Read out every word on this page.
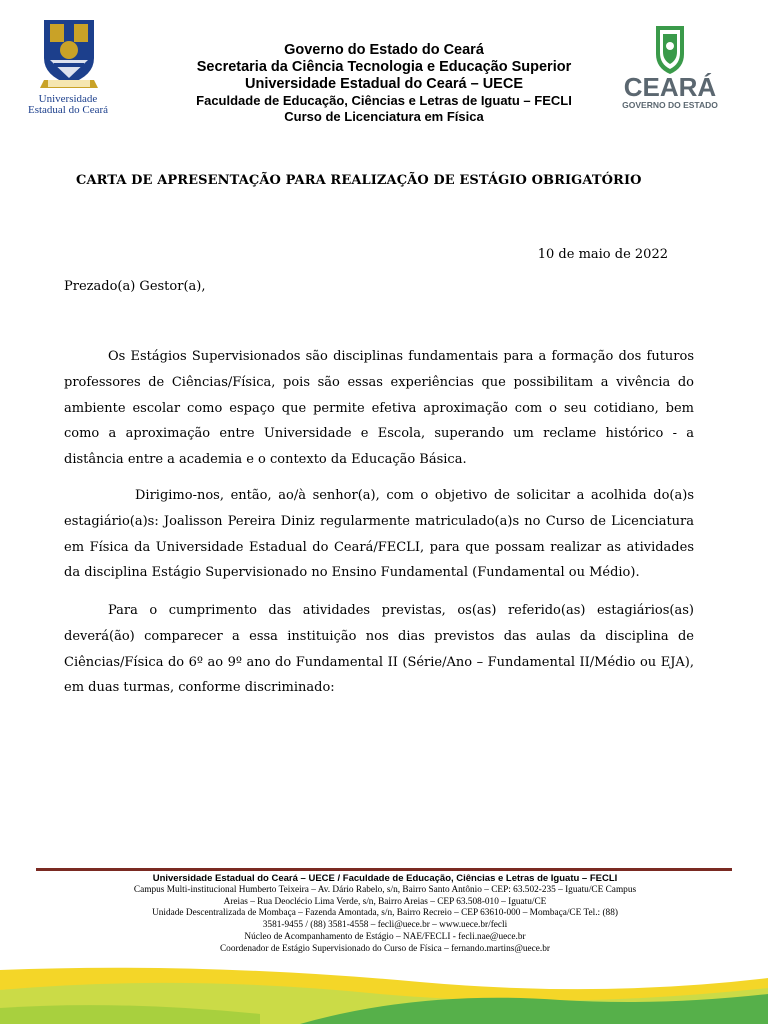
Universidade
Estadual do Ceará
Governo do Estado do Ceará
Secretaria da Ciência Tecnologia e Educação Superior
Universidade Estadual do Ceará – UECE
Faculdade de Educação, Ciências e Letras de Iguatu – FECLI
Curso de Licenciatura em Física
CEARÁ
GOVERNO DO ESTADO
CARTA DE APRESENTAÇÃO PARA REALIZAÇÃO DE ESTÁGIO OBRIGATÓRIO
10 de maio de 2022
Prezado(a) Gestor(a),
Os Estágios Supervisionados são disciplinas fundamentais para a formação dos futuros professores de Ciências/Física, pois são essas experiências que possibilitam a vivência do ambiente escolar como espaço que permite efetiva aproximação com o seu cotidiano, bem como a aproximação entre Universidade e Escola, superando um reclame histórico - a distância entre a academia e o contexto da Educação Básica.
Dirigimo-nos, então, ao/à senhor(a), com o objetivo de solicitar a acolhida do(a)s estagiário(a)s: Joalisson Pereira Diniz regularmente matriculado(a)s no Curso de Licenciatura em Física da Universidade Estadual do Ceará/FECLI, para que possam realizar as atividades da disciplina Estágio Supervisionado no Ensino Fundamental (Fundamental ou Médio).
Para o cumprimento das atividades previstas, os(as) referido(as) estagiários(as) deverá(ão) comparecer a essa instituição nos dias previstos das aulas da disciplina de Ciências/Física do 6º ao 9º ano do Fundamental II (Série/Ano – Fundamental II/Médio ou EJA), em duas turmas, conforme discriminado:
Universidade Estadual do Ceará – UECE / Faculdade de Educação, Ciências e Letras de Iguatu – FECLI
Campus Multi-institucional Humberto Teixeira – Av. Dário Rabelo, s/n, Bairro Santo Antônio – CEP: 63.502-235 – Iguatu/CE Campus
Areias – Rua Deoclécio Lima Verde, s/n, Bairro Areias – CEP 63.508-010 – Iguatu/CE
Unidade Descentralizada de Mombaça – Fazenda Amontada, s/n, Bairro Recreio – CEP 63610-000 – Mombaça/CE Tel.: (88)
3581-9455 / (88) 3581-4558 – fecli@uece.br – www.uece.br/fecli
Núcleo de Acompanhamento de Estágio – NAE/FECLI - fecli.nae@uece.br
Coordenador de Estágio Supervisionado do Curso de Física – fernando.martins@uece.br
